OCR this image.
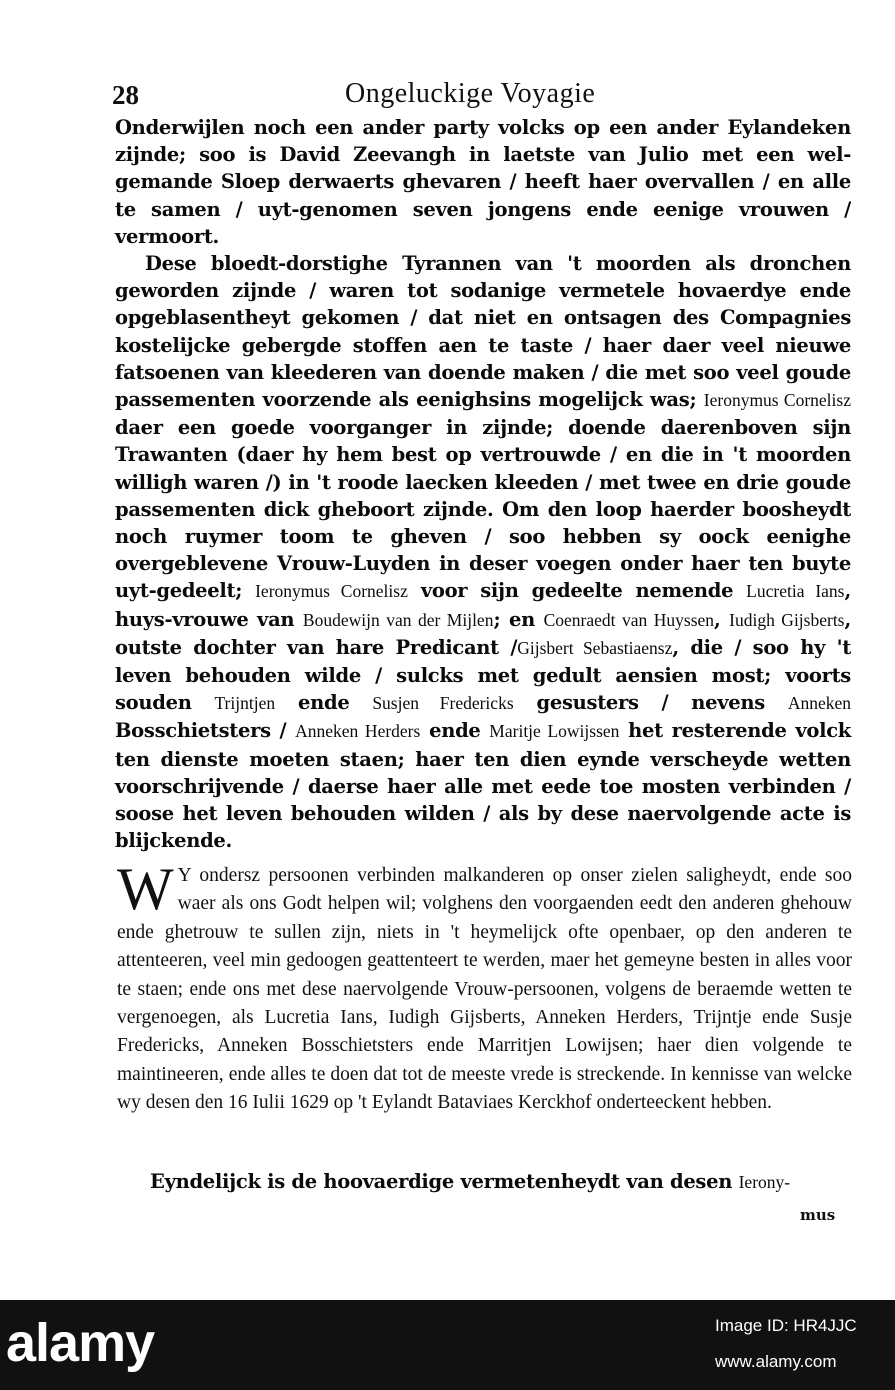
28	Ongeluckige Voyagie
Onderwijlen noch een ander party volcks op een ander Eylandeken zijnde; soo is David Zeevangh in laetste van Julio met een wel-gemande Sloep derwaerts ghevaren / heeft haer overvallen / en alle te samen / uyt-genomen seven jongens ende eenige vrouwen / vermoort.
Dese bloedt-dorstighe Tyrannen van 't moorden als dronchen geworden zijnde / waren tot sodanige vermetele hovaerdye ende opgeblasentheyt gekomen / dat niet en ontsagen des Compagnies kostelijcke gebergde stoffen aen te taste / haer daer veel nieuwe fatsoenen van kleederen van doende maken / die met soo veel goude passementen voorzende als eenighsins mogelijck was; Ieronymus Cornelisz daer een goede voorganger in zijnde; doende daerenboven sijn Trawanten (daer hy hem best op vertrouwde / en die in 't moorden willigh waren /) in 't roode laecken kleeden / met twee en drie goude passementen dick gheboort zijnde. Om den loop haerder boosheydt noch ruymer toom te gheven / soo hebben sy oock eenighe overgeblevene Vrouw-Luyden in deser voegen onder haer ten buyte uyt-gedeelt; Ieronymus Cornelisz voor sijn gedeelte nemende Lucretia Ians, huys-vrouwe van Boudewijn van der Mijlen; en Coenraedt van Huyssen, Iudigh Gijsberts, outste dochter van hare Predicant /Gijsbert Sebastiaensz, die / soo hy 't leven behouden wilde / sulcks met gedult aensien most; voorts souden Trijntjen ende Susjen Fredericks gesusters / nevens Anneken Bosschietsters / Anneken Herders ende Maritje Lowijssen het resterende volck ten dienste moeten staen; haer ten dien eynde verscheyde wetten voorschrijvende / daerse haer alle met eede toe mosten verbinden / soose het leven behouden wilden / als by dese naervolgende acte is blijckende.
W Y ondersz persoonen verbinden malkanderen op onser zielen saligheydt, ende soo waer als ons Godt helpen wil; volghens den voorgaenden eedt den anderen ghehouw ende ghetrouw te sullen zijn, niets in 't heymelijck ofte openbaer, op den anderen te attenteeren, veel min gedoogen geattenteert te werden, maer het gemeyne besten in alles voor te staen; ende ons met dese naervolgende Vrouw-persoonen, volgens de beraemde wetten te vergenoegen, als Lucretia Ians, Iudigh Gijsberts, Anneken Herders, Trijntje ende Susje Fredericks, Anneken Bosschietsters ende Marritjen Lowijsen; haer dien volgende te maintineeren, ende alles te doen dat tot de meeste vrede is streckende. In kennisse van welcke wy desen den 16 Iulii 1629 op 't Eylandt Bataviaes Kerckhof onderteeckent hebben.
Eyndelijck is de hoovaerdige vermetenheydt van desen Ierony-
mus
alamy	Image ID: HR4JJC
www.alamy.com
